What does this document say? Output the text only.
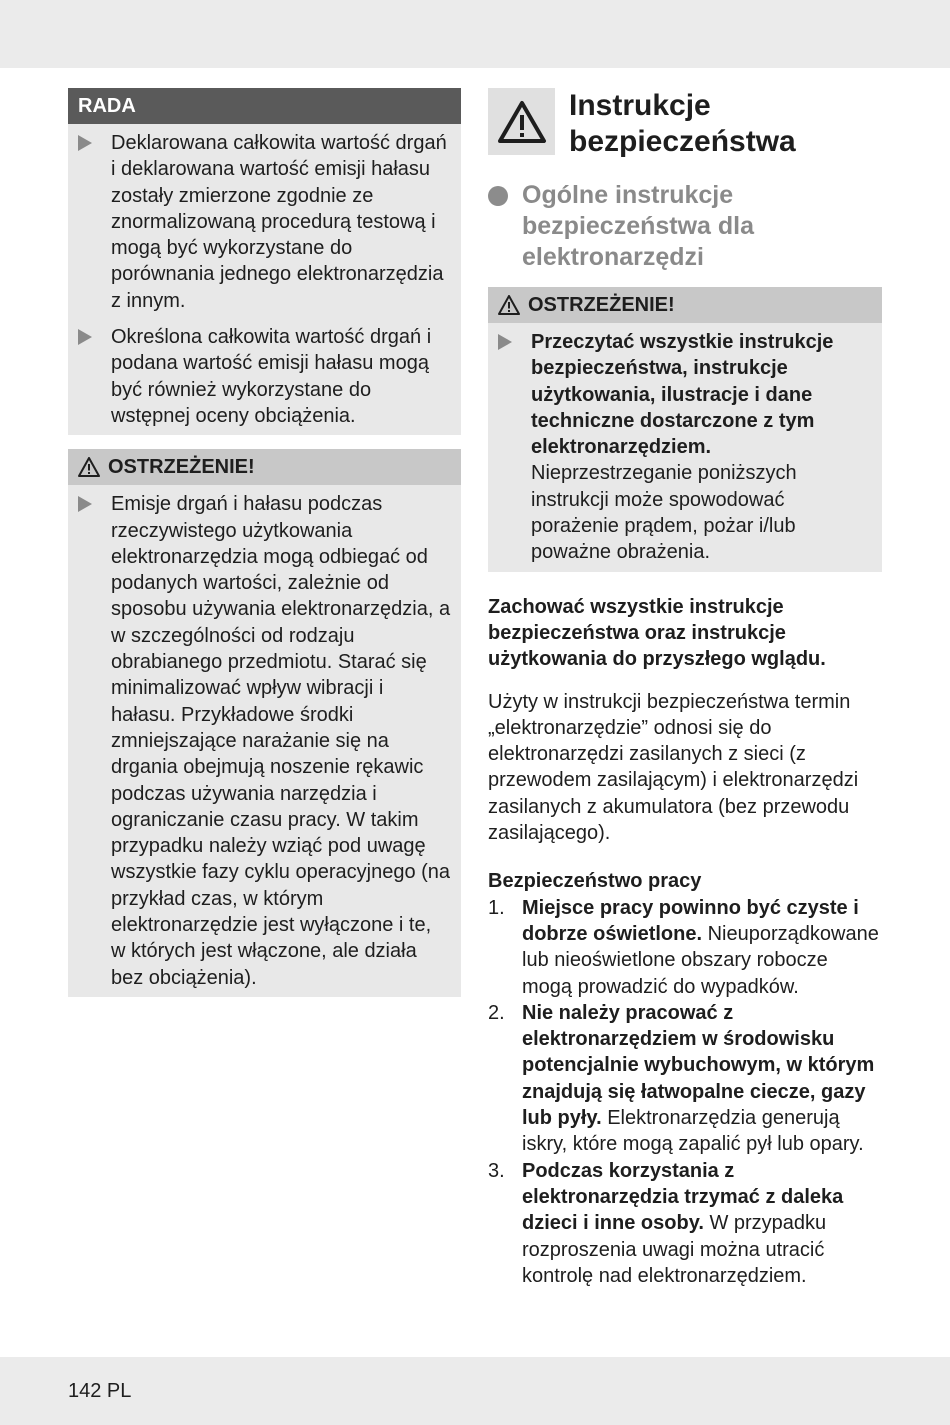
RADA
Deklarowana całkowita wartość drgań i deklarowana wartość emisji hałasu zostały zmierzone zgodnie ze znormalizowaną procedurą testową i mogą być wykorzystane do porównania jednego elektronarzędzia z innym.
Określona całkowita wartość drgań i podana wartość emisji hałasu mogą być również wykorzystane do wstępnej oceny obciążenia.
OSTRZEŻENIE!
Emisje drgań i hałasu podczas rzeczywistego użytkowania elektronarzędzia mogą odbiegać od podanych wartości, zależnie od sposobu używania elektronarzędzia, a w szczególności od rodzaju obrabianego przedmiotu. Starać się minimalizować wpływ wibracji i hałasu. Przykładowe środki zmniejszające narażanie się na drgania obejmują noszenie rękawic podczas używania narzędzia i ograniczanie czasu pracy. W takim przypadku należy wziąć pod uwagę wszystkie fazy cyklu operacyjnego (na przykład czas, w którym elektronarzędzie jest wyłączone i te, w których jest włączone, ale działa bez obciążenia).
Instrukcje
bezpieczeństwa
Ogólne instrukcje bezpieczeństwa dla elektronarzędzi
OSTRZEŻENIE!
Przeczytać wszystkie instrukcje bezpieczeństwa, instrukcje użytkowania, ilustracje i dane techniczne dostarczone z tym elektronarzędziem. Nieprzestrzeganie poniższych instrukcji może spowodować porażenie prądem, pożar i/lub poważne obrażenia.

Zachować wszystkie instrukcje bezpieczeństwa oraz instrukcje użytkowania do przyszłego wglądu.

Użyty w instrukcji bezpieczeństwa termin „elektronarzędzie” odnosi się do elektronarzędzi zasilanych z sieci (z przewodem zasilającym) i elektronarzędzi zasilanych z akumulatora (bez przewodu zasilającego).

Bezpieczeństwo pracy
1. Miejsce pracy powinno być czyste i dobrze oświetlone. Nieuporządkowane lub nieoświetlone obszary robocze mogą prowadzić do wypadków.
2. Nie należy pracować z elektronarzędziem w środowisku potencjalnie wybuchowym, w którym znajdują się łatwopalne ciecze, gazy lub pyły. Elektronarzędzia generują iskry, które mogą zapalić pył lub opary.
3. Podczas korzystania z elektronarzędzia trzymać z daleka dzieci i inne osoby. W przypadku rozproszenia uwagi można utracić kontrolę nad elektronarzędziem.
142 PL
